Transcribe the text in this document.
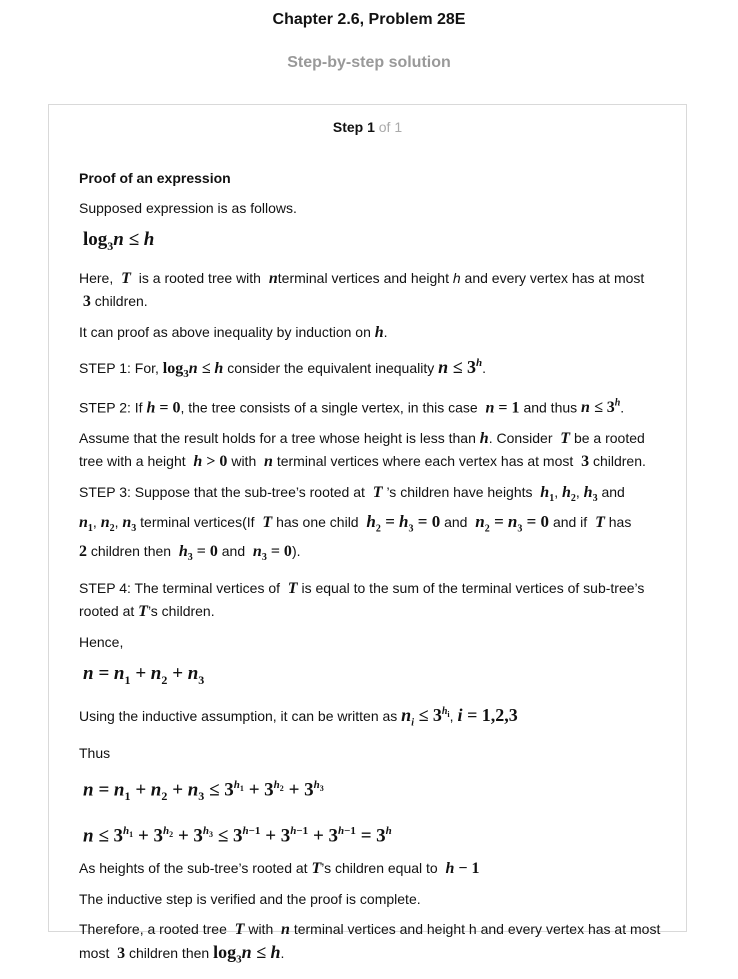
Chapter 2.6, Problem 28E
Step-by-step solution
Step 1 of 1
Proof of an expression

Supposed expression is as follows.

$\log_3n \le h$

Here,  T  is a rooted tree with  nterminal vertices and height h and every vertex has at most
3 children.

It can proof as above inequality by induction on h.

STEP 1: For, $\log_3n \le h$ consider the equivalent inequality $n \le 3^h$.

STEP 2: If h = 0, the tree consists of a single vertex, in this case n = 1 and thus $n \le 3^h$.

Assume that the result holds for a tree whose height is less than h. Consider T be a rooted tree with a height h > 0 with n terminal vertices where each vertex has at most 3 children.

STEP 3: Suppose that the sub-tree’s rooted at  T ’s children have heights $h_1$, $h_2$, $h_3$ and
$n_1$, $n_2$, $n_3$ terminal vertices(If  T has one child $h_2 = h_3 = 0$ and $n_2 = n_3 = 0$ and if  T has
2 children then $h_3 = 0$ and $n_3 = 0$).

STEP 4: The terminal vertices of T is equal to the sum of the terminal vertices of sub-tree’s rooted at T’s children.

Hence,

$n = n_1 + n_2 + n_3$

Using the inductive assumption, it can be written as $n_i \le 3^{h_i}$, i = 1,2,3

Thus

$n = n_1 + n_2 + n_3 \le 3^{h_1} + 3^{h_2} + 3^{h_3}$

$n \le 3^{h_1} + 3^{h_2} + 3^{h_3} \le 3^{h-1} + 3^{h-1} + 3^{h-1} = 3^h$

As heights of the sub-tree’s rooted at T’s children equal to h − 1

The inductive step is verified and the proof is complete.

Therefore, a rooted tree T with n terminal vertices and height h and every vertex has at most
most  3 children then $\log_3n \le h$.
